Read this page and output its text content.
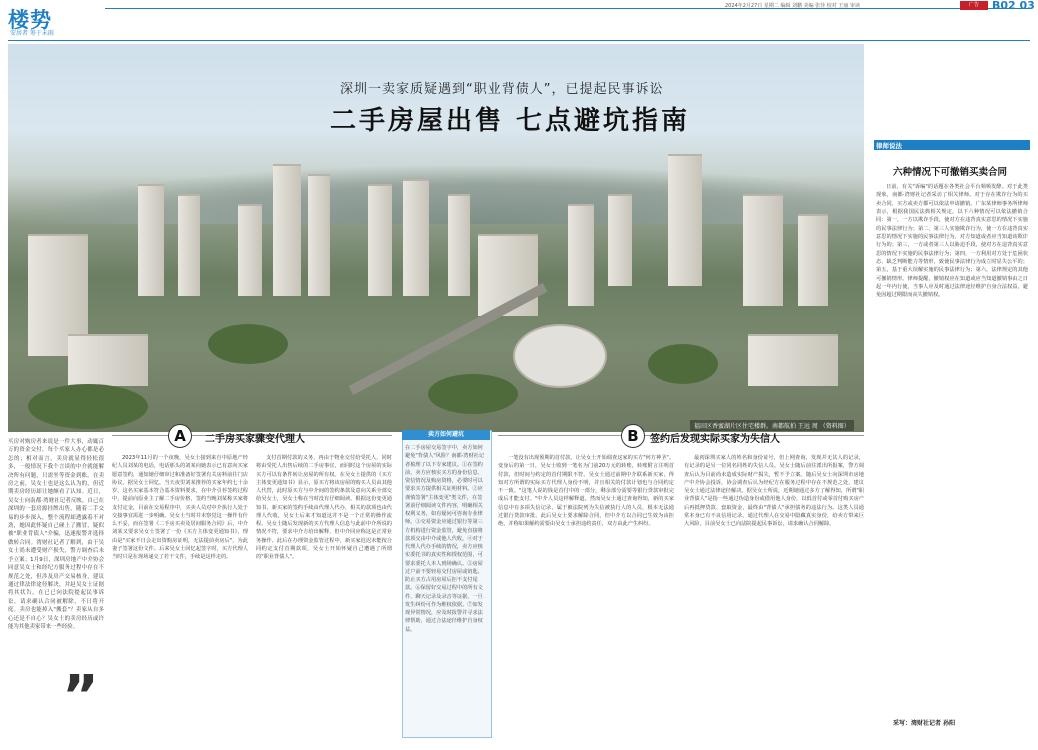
楼势
安居者 筹于未雨
2024年2月27日 星期二 编辑 刘鹏 美编 张佳 校对 王丽 审读	广告	B02 03
深圳一卖家质疑遇到“职业背债人”，已提起民事诉讼
二手房屋出售 七点避坑指南
福田区香蜜湖片区住宅楼群。南都航拍 王远 周 （资料图）
买房对购房者来说是一件大事，动辄百万的资金交付，每个买家人办心都是必怎的；相对而言，卖房就显得轻松很多，一般情况下我个言谈的中介就能解决所有问题，只需坐等资金到账。在卖房之前，吴女士也是这么认为的，但近期卖房经历却让她颇看了认知。近日，吴女士向南都·湾财社记者反映，自己在深圳的一套房源挂牌出售，随着二手交易的步步深入，整个流程却透露着不对劲，她因此怀疑自己碰上了搬冒，疑似被"职业背债人"介骗，迅速报警并选择做转合同。湾财社记者了解到，由于吴女士尚未遭受财产损失，警方调查后未予立案；1月9日，深圳房地产中介协会同意吴女士和经纪方服务过程中存在不规范之处，但涉及房产交易核身，建议通过律法律途径解决，并赵吴女士证据将其状告，在已已向法院提起民事诉讼，请求确认合同被解除，不日将开庭。卖房也能掉入"搬套"？卖家从自多心还是不自心？吴女士的卖房经历或许能为其他卖家带来一些经验。
”
A	二手房买家骤变代理人
2023年11月的一个夜晚，吴女士接到来自中原地产经纪人员刘某的电话，电话那头的刘某向她表示已有意向买家愿意签约，通知她仔细审过和准备好签署有关房料前往门店协议。据吴女士回忆，当天夜里刘某推荐的买家年约七十余岁，这名买家基本符合基本资料要求，在中介引荐签约过程中，提前向原业主了解二手房价格，签约当晚刘某称买家将支付定金，目前在交易程序中，买卖人员对中介执行人处于交接事宜需进一步明确。吴女士当时并未察觉这一操作有什么不妥，而在签署《二手房买卖及居间服务合同》后，中介刘某又要求吴女士签署了一份《买方主体变更通知书》，理由是"买家不日会走出资购房证明，无法提前卖房后"，为此妻子签署这份文件。后来吴女士回忆起签字时，买方代理人当时只是在现场递交了若干文件，手续是这样走的。
支付首期付款的义务，再由于物业交付给受托人，同时将由受托人出售后续的二手房事宜，而同时这个房屋的实际买方可以有条件转让房屋的所有权。在吴女士提供的《买方主体变更通知书》显示，原买方将该房屋的购买人员由其他人代替，此时原买方与中介间的签约条款及意向关系全部交给吴女士，吴女士称在当时没有仔细阅读。根据这份变更通知书，新买家的签约手续由代理人代办，相关的款项也由代理人代收，吴女士后来才知道这并不是一个正常的操作流程。吴女士随后发现新的买方代理人信息与此前中介所说的情况不符，要求中介方给出解释，但中介回应称这是正常业务操作。此后在办理资金监管过程中，新买家迟迟未能按合同约定支付首期款项，吴女士开始怀疑自己遭遇了所谓的"职业背债人"。
卖方如何避坑
在二手房屋交易签字中，卖方如何避免"背债人"风险？南都·湾财社记者梳理了以下专家建议。①在签约前，卖方应核实买方的身份信息、资信情况及购房资格，必要时可以要求买方提供相关证明材料。②应谨慎签署"主体变更"类文件，在签署前仔细阅读文件内容，明确相关权利义务，如有疑问可咨询专业律师。③交易资金应通过银行等第三方机构进行资金监管，避免直接将款项交由中介或他人代收。④对于代理人代办手续的情况，卖方应核实委托书的真实性和授权范围，可要求委托人本人到场确认。⑤房屋过户前不要轻易交付房屋或钥匙，防止买方占用房屋后拒不支付尾款。⑥保留好交易过程中的所有文件、聊天记录及录音等证据，一旦发生纠纷可作为维权依据。⑦如发现异常情况，应及时报警并寻求法律帮助，通过合法途径维护自身权益。
B	签约后发现实际买家为失信人
一笔没有出现预期的首付款，让吴女士开始调查这家的买方"何方神圣"。变身后的第一日，吴女士收到一笔名为门前20万元的转账，转账附言注明首付款，但时间与约定的首付期限不符。吴女士通过前期中介联系新买家，得知对方所谓的实际买方代理人身份不明，并且相关的付款计划也与合同约定不一致。"这笔人说的钱是首付中的一部分，剩余部分需要等银行贷款审批完成后才能支付。"中介人员这样解释道。然而吴女士通过查询得知，新的买家信息中有多项失信记录，属于被法院列为失信被执行人的人员，根本无法通过银行贷款审批。此后吴女士要求解除合同，但中介方以合同已生效为由拒绝，并称如果解约需要由吴女士承担违约责任，双方由此产生纠纷。
最初深圳买家人的姓名和身份证号，但上网查询，发现并无其人的记录，有记录的是另一位同名同姓的失信人员。吴女士随后前往派出所报案，警方调查后认为目前尚未造成实际财产损失，暂不予立案。随后吴女士向深圳市房地产中介协会投诉，协会调查后认为经纪方在服务过程中存在不规范之处，建议吴女士通过法律途径解决。据吴女士所说，近期她通过多方了解得知，所谓"职业背债人"是指一些通过伪造身份或借用他人身份，以低首付或零首付购买房产后再抵押贷款、套取资金，最终由"背债人"承担债务的违法行为。这类人员通常本身已有不良信用记录，通过代理人在交易中隐藏真实身份，给卖方带来巨大风险。目前吴女士已向法院提起民事诉讼，请求确认合同解除。
律师说法
六种情况下可撤销买卖合同
日前，有关"诉编"的话题在各类社会平台频频发酵。对于此类现象，南都·湾财社记者采访了相关律师。对于存在欺诈行为的买卖合同，买方或卖方都可以依法申请撤销。广东某律师事务所律师表示，根据我国民法典相关规定，以下六种情况可以依法撤销合同：第一，一方以欺诈手段，使对方在违背真实意思的情况下实施的民事法律行为；第二，第三人实施欺诈行为，使一方在违背真实意思的情况下实施的民事法律行为，对方知道或者应当知道该欺诈行为的；第三，一方或者第三人以胁迫手段，使对方在违背真实意思的情况下实施的民事法律行为；第四，一方利用对方处于危困状态、缺乏判断能力等情形，致使民事法律行为成立时显失公平的；第五，基于重大误解实施的民事法律行为；第六，法律规定的其他可撤销情形。律师提醒，撤销权应在知道或应当知道撤销事由之日起一年内行使，当事人应及时通过法律途径维护自身合法权益，避免因超过期限而丧失撤销权。
采写：湾财社记者 孙阳
